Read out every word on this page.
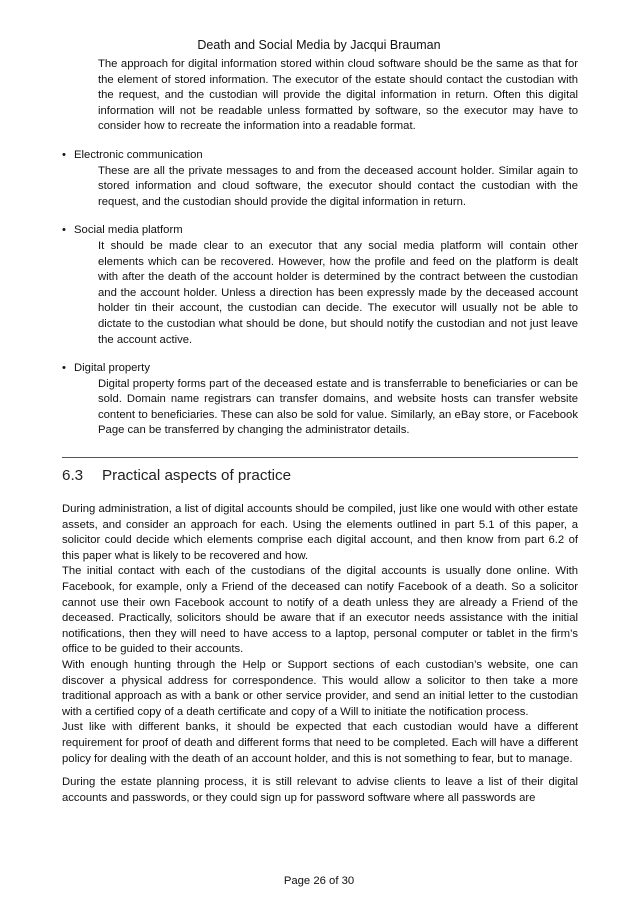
Death and Social Media by Jacqui Brauman

The approach for digital information stored within cloud software should be the same as that for the element of stored information. The executor of the estate should contact the custodian with the request, and the custodian will provide the digital information in return. Often this digital information will not be readable unless formatted by software, so the executor may have to consider how to recreate the information into a readable format.

• Electronic communication

These are all the private messages to and from the deceased account holder. Similar again to stored information and cloud software, the executor should contact the custodian with the request, and the custodian should provide the digital information in return.

• Social media platform

It should be made clear to an executor that any social media platform will contain other elements which can be recovered. However, how the profile and feed on the platform is dealt with after the death of the account holder is determined by the contract between the custodian and the account holder. Unless a direction has been expressly made by the deceased account holder tin their account, the custodian can decide. The executor will usually not be able to dictate to the custodian what should be done, but should notify the custodian and not just leave the account active.

• Digital property

Digital property forms part of the deceased estate and is transferrable to beneficiaries or can be sold. Domain name registrars can transfer domains, and website hosts can transfer website content to beneficiaries. These can also be sold for value. Similarly, an eBay store, or Facebook Page can be transferred by changing the administrator details.

6.3 Practical aspects of practice

During administration, a list of digital accounts should be compiled, just like one would with other estate assets, and consider an approach for each. Using the elements outlined in part 5.1 of this paper, a solicitor could decide which elements comprise each digital account, and then know from part 6.2 of this paper what is likely to be recovered and how.

The initial contact with each of the custodians of the digital accounts is usually done online. With Facebook, for example, only a Friend of the deceased can notify Facebook of a death. So a solicitor cannot use their own Facebook account to notify of a death unless they are already a Friend of the deceased. Practically, solicitors should be aware that if an executor needs assistance with the initial notifications, then they will need to have access to a laptop, personal computer or tablet in the firm’s office to be guided to their accounts.

With enough hunting through the Help or Support sections of each custodian’s website, one can discover a physical address for correspondence. This would allow a solicitor to then take a more traditional approach as with a bank or other service provider, and send an initial letter to the custodian with a certified copy of a death certificate and copy of a Will to initiate the notification process.

Just like with different banks, it should be expected that each custodian would have a different requirement for proof of death and different forms that need to be completed. Each will have a different policy for dealing with the death of an account holder, and this is not something to fear, but to manage.

During the estate planning process, it is still relevant to advise clients to leave a list of their digital accounts and passwords, or they could sign up for password software where all passwords are

Page 26 of 30
